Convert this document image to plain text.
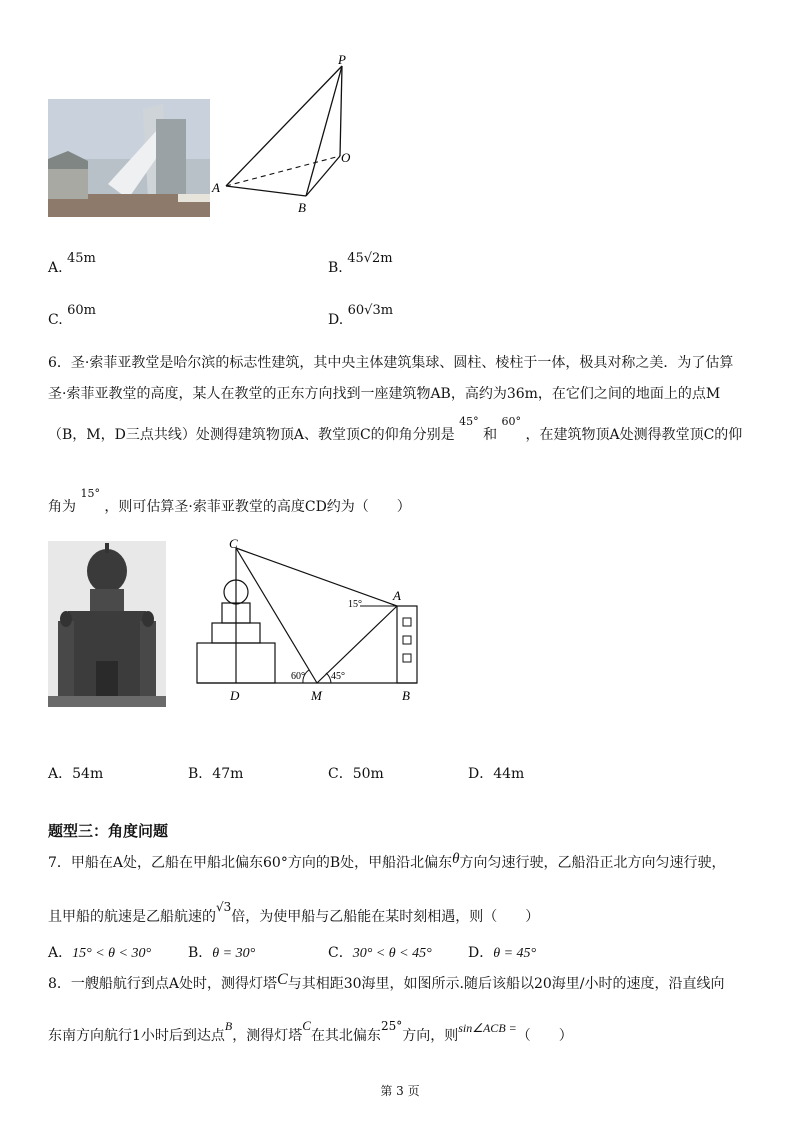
P
O
A
B
A. 45m
B. 45√2m
C. 60m
D. 60√3m
6．圣·索菲亚教堂是哈尔滨的标志性建筑，其中央主体建筑集球、圆柱、棱柱于一体，极具对称之美．为了估算
圣·索菲亚教堂的高度，某人在教堂的正东方向找到一座建筑物AB，高约为36m，在它们之间的地面上的点M
（B，M，D三点共线）处测得建筑物顶A、教堂顶C的仰角分别是 $^{45^\circ}$ 和 $^{60^\circ}$ ，在建筑物顶A处测得教堂顶C的仰
角为 $^{15^\circ}$ ，则可估算圣·索菲亚教堂的高度CD约为（　　）
C
A
D	M	B
15°
60°	45°
A．54m	B．47m	C．50m	D．44m
题型三：角度问题
7．甲船在A处，乙船在甲船北偏东60°方向的B处，甲船沿北偏东θ方向匀速行驶，乙船沿正北方向匀速行驶，
且甲船的航速是乙船航速的√3倍，为使甲船与乙船能在某时刻相遇，则（　　）
A．15° < θ < 30°	B．θ = 30°	C．30° < θ < 45°	D．θ = 45°
8．一艘船航行到点A处时，测得灯塔C与其相距30海里，如图所示.随后该船以20海里/小时的速度，沿直线向
东南方向航行1小时后到达点B，测得灯塔C在其北偏东25°方向，则sin∠ACB =（　　）
第 3 页
